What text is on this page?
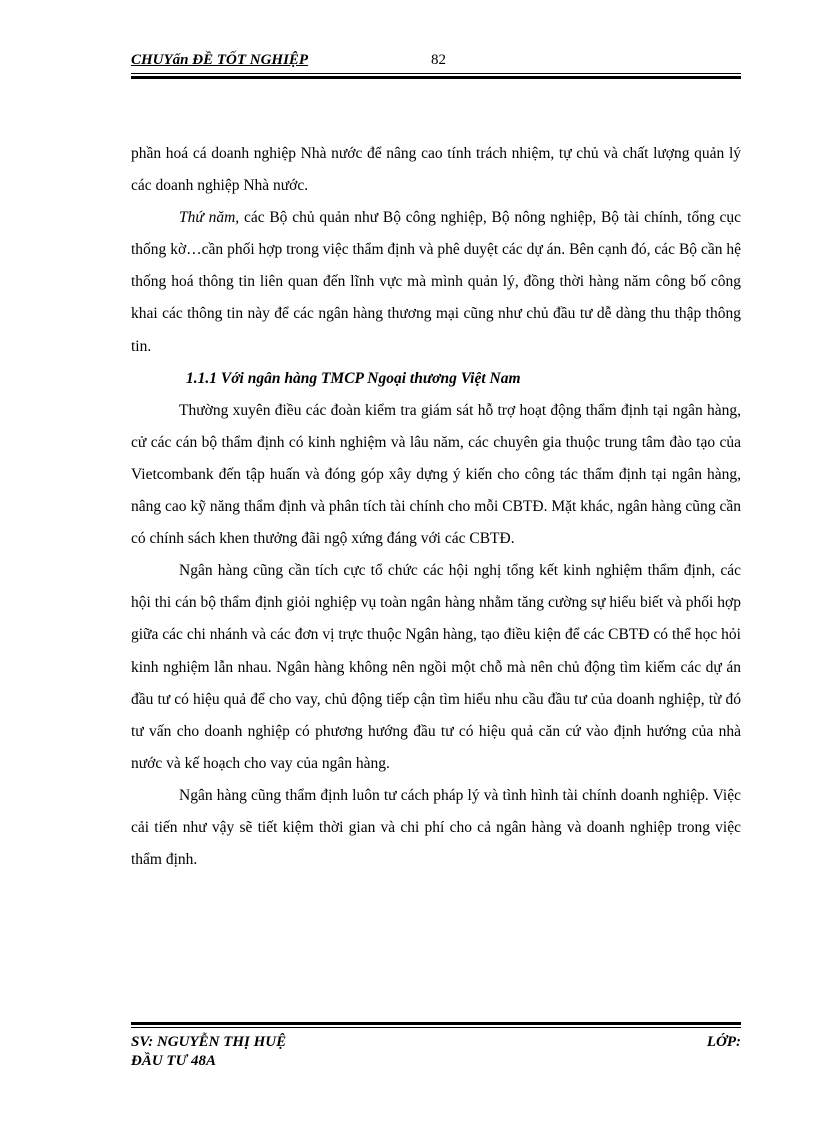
CHUYấn ĐỀ TỐT NGHIỆP	82

phần hoá cá doanh nghiệp Nhà nước để nâng cao tính trách nhiệm, tự chủ và chất lượng quản lý các doanh nghiệp Nhà nước.

Thứ năm, các Bộ chủ quản như Bộ công nghiệp, Bộ nông nghiệp, Bộ tài chính, tổng cục thống kờ…cần phối hợp trong việc thẩm định và phê duyệt các dự án. Bên cạnh đó, các Bộ cần hệ thống hoá thông tin liên quan đến lĩnh vực mà mình quản lý, đồng thời hàng năm công bố công khai các thông tin này để các ngân hàng thương mại cũng như chủ đầu tư dễ dàng thu thập thông tin.

1.1.1 Với ngân hàng TMCP Ngoại thương Việt Nam

Thường xuyên điều các đoàn kiểm tra giám sát hỗ trợ hoạt động thẩm định tại ngân hàng, cử các cán bộ thẩm định có kinh nghiệm và lâu năm, các chuyên gia thuộc trung tâm đào tạo của Vietcombank đến tập huấn và đóng góp xây dựng ý kiến cho công tác thẩm định tại ngân hàng, nâng cao kỹ năng thẩm định và phân tích tài chính cho mỗi CBTĐ. Mặt khác, ngân hàng cũng cần có chính sách khen thưởng đãi ngộ xứng đáng với các CBTĐ.

Ngân hàng cũng cần tích cực tổ chức các hội nghị tổng kết kinh nghiệm thẩm định, các hội thi cán bộ thẩm định giỏi nghiệp vụ toàn ngân hàng nhằm tăng cường sự hiểu biết và phối hợp giữa các chi nhánh và các đơn vị trực thuộc Ngân hàng, tạo điều kiện để các CBTĐ có thể học hỏi kinh nghiệm lẫn nhau. Ngân hàng không nên ngồi một chỗ mà nên chủ động tìm kiếm các dự án đầu tư có hiệu quả để cho vay, chủ động tiếp cận tìm hiểu nhu cầu đầu tư của doanh nghiệp, từ đó tư vấn cho doanh nghiệp có phương hướng đầu tư có hiệu quả căn cứ vào định hướng của nhà nước và kế hoạch cho vay của ngân hàng.

Ngân hàng cũng thẩm định luôn tư cách pháp lý và tình hình tài chính doanh nghiệp. Việc cải tiến như vậy sẽ tiết kiệm thời gian và chi phí cho cả ngân hàng và doanh nghiệp trong việc thẩm định.

SV: NGUYỄN THỊ HUỆ
ĐẦU TƯ 48A
LỚP:
